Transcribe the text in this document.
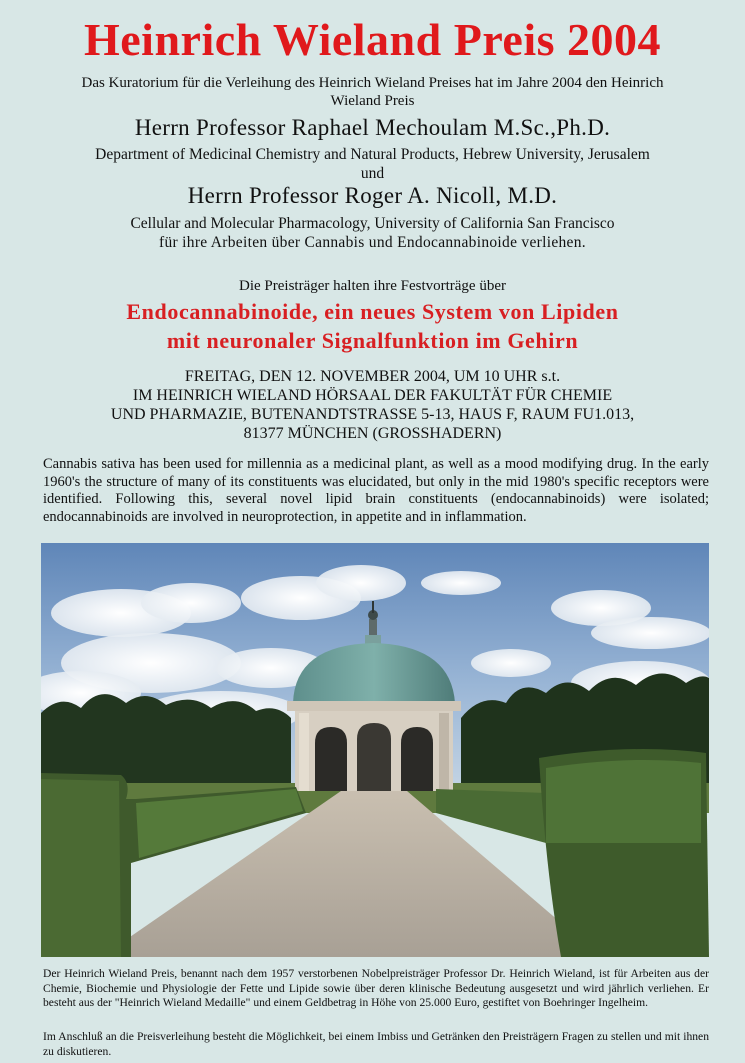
Heinrich Wieland Preis 2004
Das Kuratorium für die Verleihung des Heinrich Wieland Preises hat im Jahre 2004 den Heinrich Wieland Preis
Herrn Professor Raphael Mechoulam M.Sc.,Ph.D.
Department of Medicinal Chemistry and Natural Products, Hebrew University, Jerusalem
und
Herrn Professor Roger A. Nicoll, M.D.
Cellular and Molecular Pharmacology, University of California San Francisco
für ihre Arbeiten über Cannabis und Endocannabinoide verliehen.
Die Preisträger halten ihre Festvorträge über
Endocannabinoide, ein neues System von Lipiden
mit neuronaler Signalfunktion im Gehirn
FREITAG, DEN 12. NOVEMBER 2004, UM 10 UHR s.t.
IM HEINRICH WIELAND HÖRSAAL DER FAKULTÄT FÜR CHEMIE
UND PHARMAZIE, BUTENANDTSTRASSE 5-13, HAUS F, RAUM FU1.013,
81377 MÜNCHEN (GROSSHADERN)
Cannabis sativa has been used for millennia as a medicinal plant, as well as a mood modifying drug. In the early 1960's the structure of many of its constituents was elucidated, but only in the mid 1980's specific receptors were identified. Following this, several novel lipid brain constituents (endocannabinoids) were isolated; endocannabinoids are involved in neuroprotection, in appetite and in inflammation.
Der Heinrich Wieland Preis, benannt nach dem 1957 verstorbenen Nobelpreisträger Professor Dr. Heinrich Wieland, ist für Arbeiten aus der Chemie, Biochemie und Physiologie der Fette und Lipide sowie über deren klinische Bedeutung ausgesetzt und wird jährlich verliehen. Er besteht aus der "Heinrich Wieland Medaille" und einem Geldbetrag in Höhe von 25.000 Euro, gestiftet von Boehringer Ingelheim.
Im Anschluß an die Preisverleihung besteht die Möglichkeit, bei einem Imbiss und Getränken den Preisträgern Fragen zu stellen und mit ihnen zu diskutieren.
